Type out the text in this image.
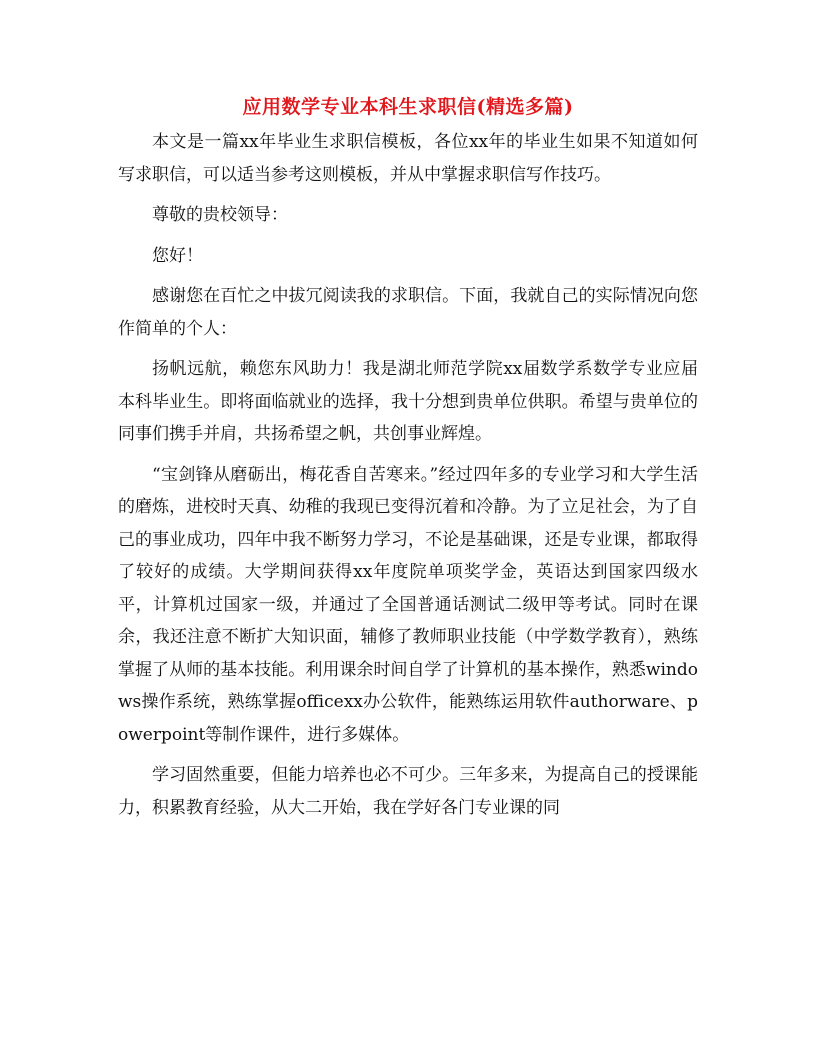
应用数学专业本科生求职信(精选多篇)

本文是一篇xx年毕业生求职信模板，各位xx年的毕业生如果不知道如何写求职信，可以适当参考这则模板，并从中掌握求职信写作技巧。

尊敬的贵校领导：

您好！

感谢您在百忙之中拔冗阅读我的求职信。下面，我就自己的实际情况向您作简单的个人：

扬帆远航，赖您东风助力！我是湖北师范学院xx届数学系数学专业应届本科毕业生。即将面临就业的选择，我十分想到贵单位供职。希望与贵单位的同事们携手并肩，共扬希望之帆，共创事业辉煌。

“宝剑锋从磨砺出，梅花香自苦寒来。”经过四年多的专业学习和大学生活的磨炼，进校时天真、幼稚的我现已变得沉着和冷静。为了立足社会，为了自己的事业成功，四年中我不断努力学习，不论是基础课，还是专业课，都取得了较好的成绩。大学期间获得xx年度院单项奖学金，英语达到国家四级水平，计算机过国家一级，并通过了全国普通话测试二级甲等考试。同时在课余，我还注意不断扩大知识面，辅修了教师职业技能（中学数学教育），熟练掌握了从师的基本技能。利用课余时间自学了计算机的基本操作，熟悉windows操作系统，熟练掌握officexx办公软件，能熟练运用软件authorware、powerpoint等制作课件，进行多媒体。

学习固然重要，但能力培养也必不可少。三年多来，为提高自己的授课能力，积累教育经验，从大二开始，我在学好各门专业课的同
